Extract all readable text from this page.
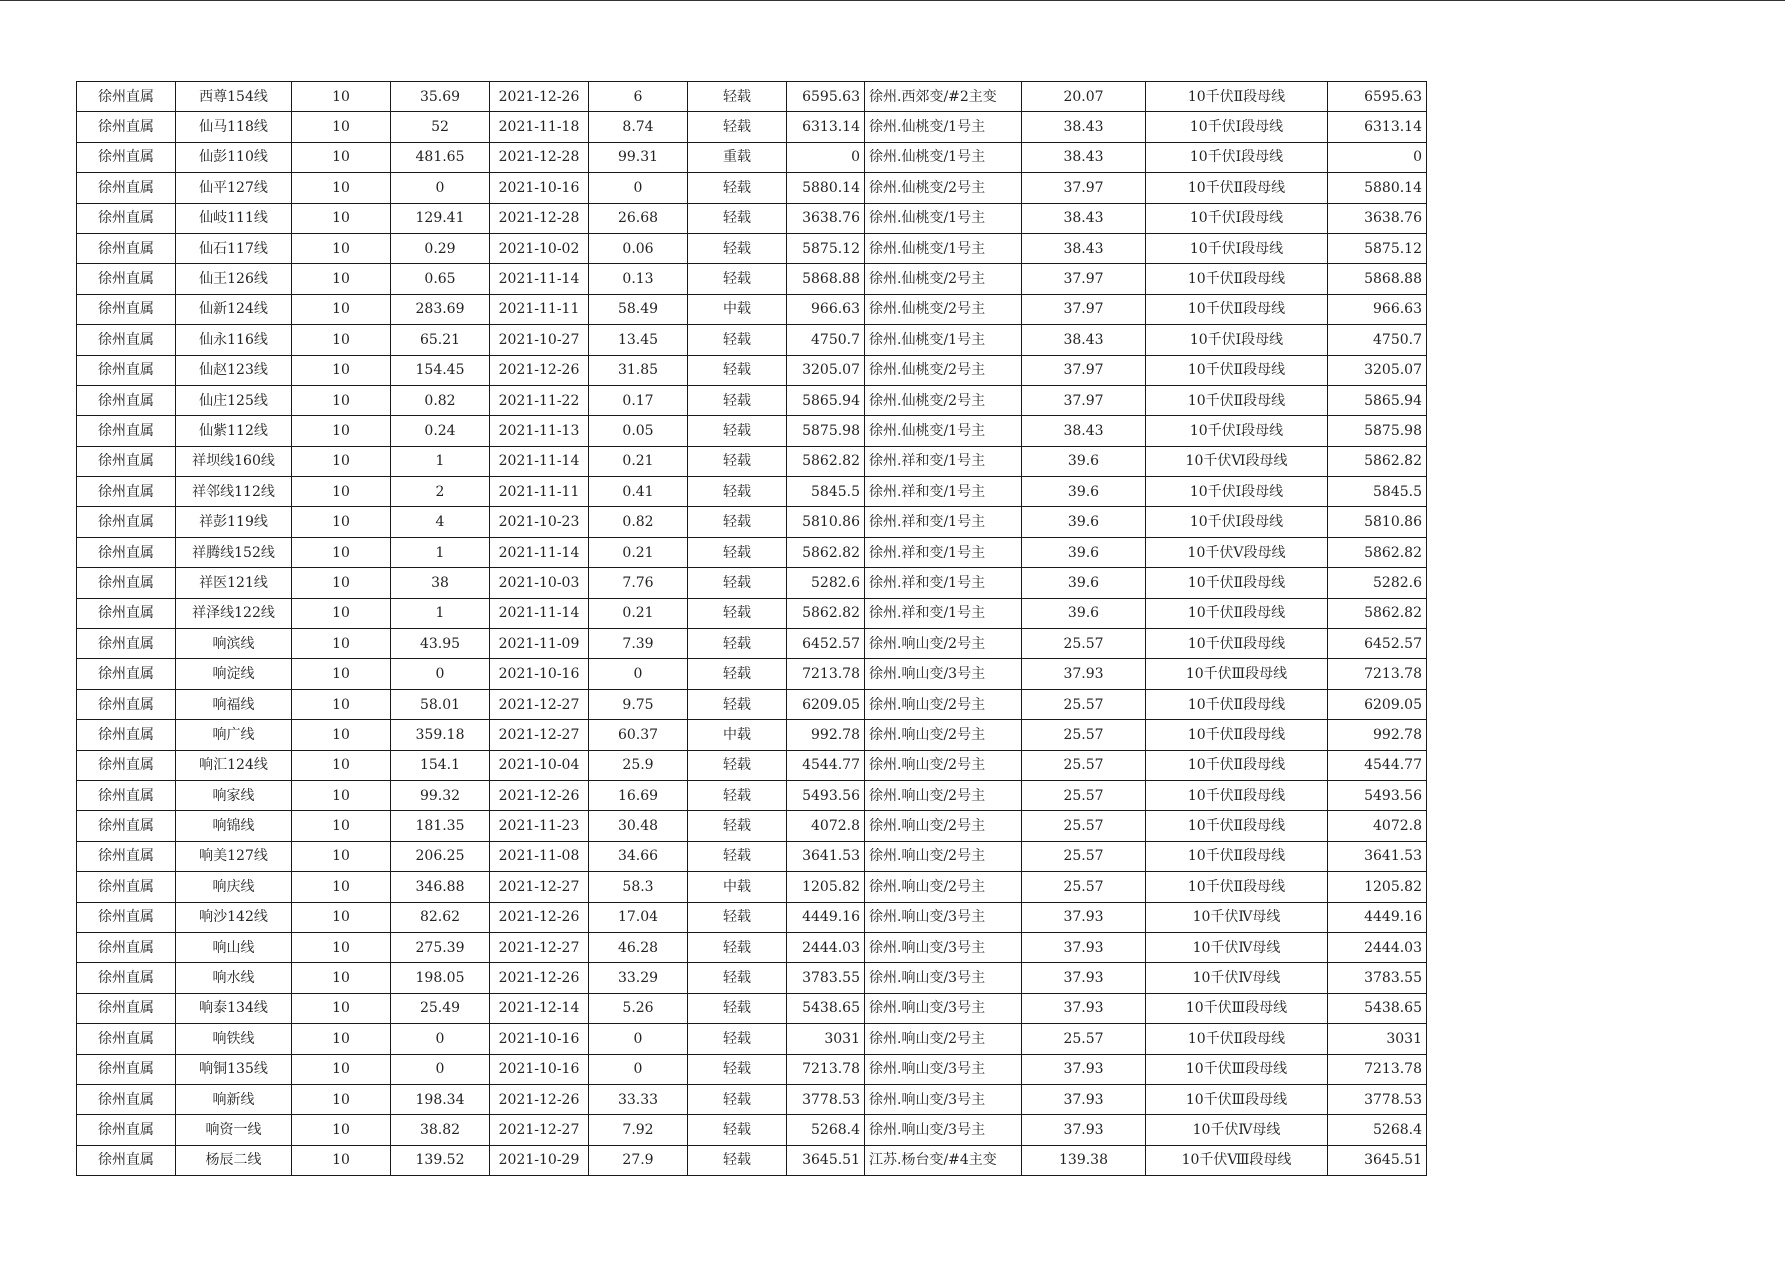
徐州直属	西尊154线	10	35.69	2021-12-26	6	轻载	6595.63	徐州.西郊变/#2主变	20.07	10千伏Ⅱ段母线	6595.63
徐州直属	仙马118线	10	52	2021-11-18	8.74	轻载	6313.14	徐州.仙桃变/1号主	38.43	10千伏Ⅰ段母线	6313.14
徐州直属	仙彭110线	10	481.65	2021-12-28	99.31	重载	0	徐州.仙桃变/1号主	38.43	10千伏Ⅰ段母线	0
徐州直属	仙平127线	10	0	2021-10-16	0	轻载	5880.14	徐州.仙桃变/2号主	37.97	10千伏Ⅱ段母线	5880.14
徐州直属	仙岐111线	10	129.41	2021-12-28	26.68	轻载	3638.76	徐州.仙桃变/1号主	38.43	10千伏Ⅰ段母线	3638.76
徐州直属	仙石117线	10	0.29	2021-10-02	0.06	轻载	5875.12	徐州.仙桃变/1号主	38.43	10千伏Ⅰ段母线	5875.12
徐州直属	仙王126线	10	0.65	2021-11-14	0.13	轻载	5868.88	徐州.仙桃变/2号主	37.97	10千伏Ⅱ段母线	5868.88
徐州直属	仙新124线	10	283.69	2021-11-11	58.49	中载	966.63	徐州.仙桃变/2号主	37.97	10千伏Ⅱ段母线	966.63
徐州直属	仙永116线	10	65.21	2021-10-27	13.45	轻载	4750.7	徐州.仙桃变/1号主	38.43	10千伏Ⅰ段母线	4750.7
徐州直属	仙赵123线	10	154.45	2021-12-26	31.85	轻载	3205.07	徐州.仙桃变/2号主	37.97	10千伏Ⅱ段母线	3205.07
徐州直属	仙庄125线	10	0.82	2021-11-22	0.17	轻载	5865.94	徐州.仙桃变/2号主	37.97	10千伏Ⅱ段母线	5865.94
徐州直属	仙紫112线	10	0.24	2021-11-13	0.05	轻载	5875.98	徐州.仙桃变/1号主	38.43	10千伏Ⅰ段母线	5875.98
徐州直属	祥坝线160线	10	1	2021-11-14	0.21	轻载	5862.82	徐州.祥和变/1号主	39.6	10千伏Ⅵ段母线	5862.82
徐州直属	祥邻线112线	10	2	2021-11-11	0.41	轻载	5845.5	徐州.祥和变/1号主	39.6	10千伏Ⅰ段母线	5845.5
徐州直属	祥彭119线	10	4	2021-10-23	0.82	轻载	5810.86	徐州.祥和变/1号主	39.6	10千伏Ⅰ段母线	5810.86
徐州直属	祥腾线152线	10	1	2021-11-14	0.21	轻载	5862.82	徐州.祥和变/1号主	39.6	10千伏Ⅴ段母线	5862.82
徐州直属	祥医121线	10	38	2021-10-03	7.76	轻载	5282.6	徐州.祥和变/1号主	39.6	10千伏Ⅱ段母线	5282.6
徐州直属	祥泽线122线	10	1	2021-11-14	0.21	轻载	5862.82	徐州.祥和变/1号主	39.6	10千伏Ⅱ段母线	5862.82
徐州直属	响滨线	10	43.95	2021-11-09	7.39	轻载	6452.57	徐州.响山变/2号主	25.57	10千伏Ⅱ段母线	6452.57
徐州直属	响淀线	10	0	2021-10-16	0	轻载	7213.78	徐州.响山变/3号主	37.93	10千伏Ⅲ段母线	7213.78
徐州直属	响福线	10	58.01	2021-12-27	9.75	轻载	6209.05	徐州.响山变/2号主	25.57	10千伏Ⅱ段母线	6209.05
徐州直属	响广线	10	359.18	2021-12-27	60.37	中载	992.78	徐州.响山变/2号主	25.57	10千伏Ⅱ段母线	992.78
徐州直属	响汇124线	10	154.1	2021-10-04	25.9	轻载	4544.77	徐州.响山变/2号主	25.57	10千伏Ⅱ段母线	4544.77
徐州直属	响家线	10	99.32	2021-12-26	16.69	轻载	5493.56	徐州.响山变/2号主	25.57	10千伏Ⅱ段母线	5493.56
徐州直属	响锦线	10	181.35	2021-11-23	30.48	轻载	4072.8	徐州.响山变/2号主	25.57	10千伏Ⅱ段母线	4072.8
徐州直属	响美127线	10	206.25	2021-11-08	34.66	轻载	3641.53	徐州.响山变/2号主	25.57	10千伏Ⅱ段母线	3641.53
徐州直属	响庆线	10	346.88	2021-12-27	58.3	中载	1205.82	徐州.响山变/2号主	25.57	10千伏Ⅱ段母线	1205.82
徐州直属	响沙142线	10	82.62	2021-12-26	17.04	轻载	4449.16	徐州.响山变/3号主	37.93	10千伏Ⅳ母线	4449.16
徐州直属	响山线	10	275.39	2021-12-27	46.28	轻载	2444.03	徐州.响山变/3号主	37.93	10千伏Ⅳ母线	2444.03
徐州直属	响水线	10	198.05	2021-12-26	33.29	轻载	3783.55	徐州.响山变/3号主	37.93	10千伏Ⅳ母线	3783.55
徐州直属	响泰134线	10	25.49	2021-12-14	5.26	轻载	5438.65	徐州.响山变/3号主	37.93	10千伏Ⅲ段母线	5438.65
徐州直属	响铁线	10	0	2021-10-16	0	轻载	3031	徐州.响山变/2号主	25.57	10千伏Ⅱ段母线	3031
徐州直属	响铜135线	10	0	2021-10-16	0	轻载	7213.78	徐州.响山变/3号主	37.93	10千伏Ⅲ段母线	7213.78
徐州直属	响新线	10	198.34	2021-12-26	33.33	轻载	3778.53	徐州.响山变/3号主	37.93	10千伏Ⅲ段母线	3778.53
徐州直属	响资一线	10	38.82	2021-12-27	7.92	轻载	5268.4	徐州.响山变/3号主	37.93	10千伏Ⅳ母线	5268.4
徐州直属	杨辰二线	10	139.52	2021-10-29	27.9	轻载	3645.51	江苏.杨台变/#4主变	139.38	10千伏Ⅷ段母线	3645.51
